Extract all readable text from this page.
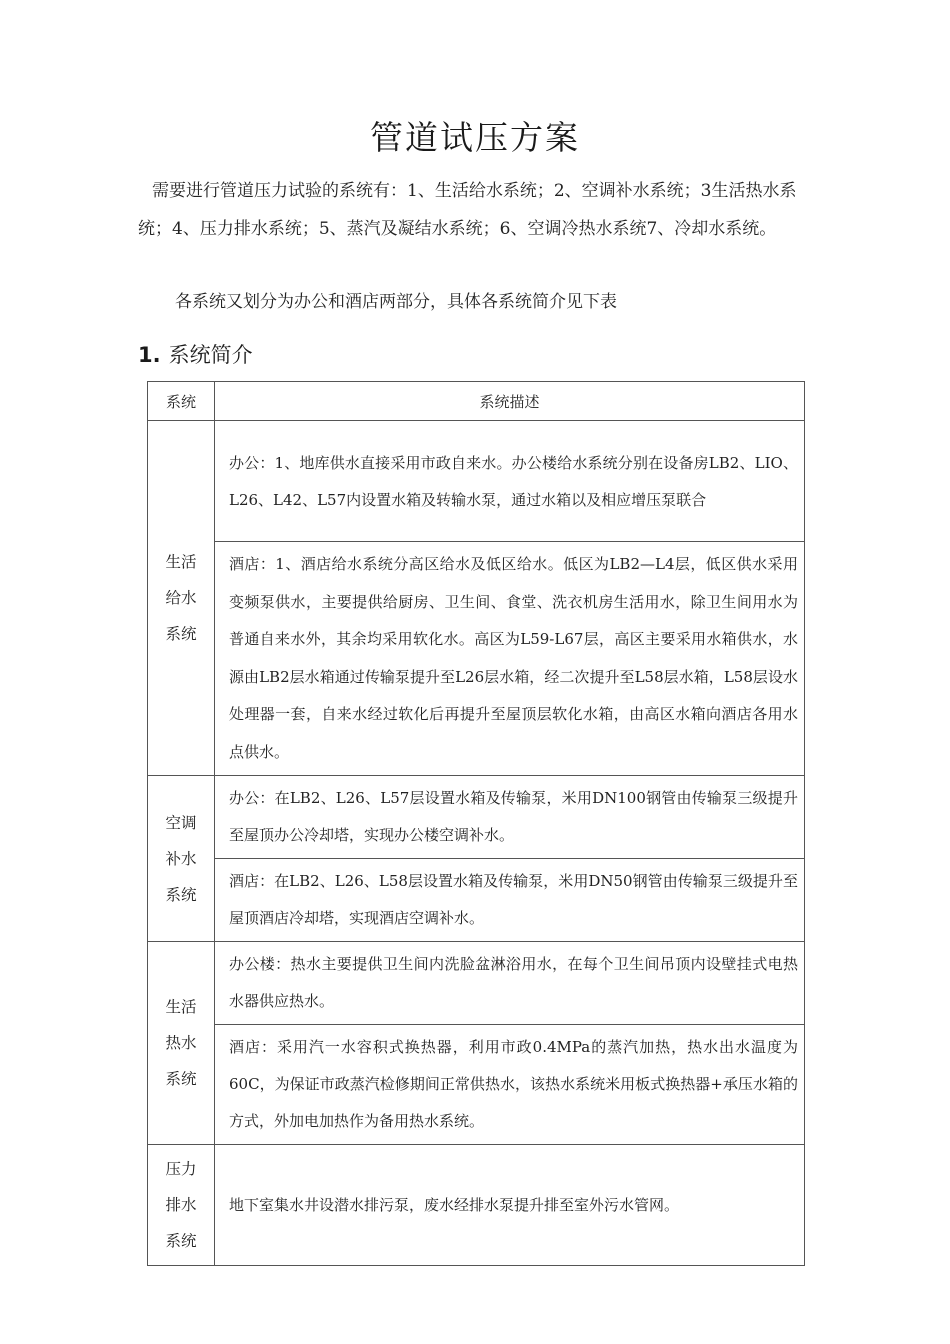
管道试压方案
需要进行管道压力试验的系统有：1、生活给水系统；2、空调补水系统；3生活热水系统；4、压力排水系统；5、蒸汽及凝结水系统；6、空调冷热水系统7、冷却水系统。
各系统又划分为办公和酒店两部分，具体各系统简介见下表
1. 系统简介
系统	系统描述

生活
给水
系统	办公：1、地库供水直接采用市政自来水。办公楼给水系统分别在设备房LB2、LIO、L26、L42、L57内设置水箱及转输水泵，通过水箱以及相应增压泵联合

	酒店：1、酒店给水系统分高区给水及低区给水。低区为LB2—L4层，低区供水采用变频泵供水，主要提供给厨房、卫生间、食堂、洗衣机房生活用水，除卫生间用水为普通自来水外，其余均采用软化水。高区为L59-L67层，高区主要采用水箱供水，水源由LB2层水箱通过传输泵提升至L26层水箱，经二次提升至L58层水箱，L58层设水处理器一套，自来水经过软化后再提升至屋顶层软化水箱，由高区水箱向酒店各用水点供水。

空调
补水
系统	办公：在LB2、L26、L57层设置水箱及传输泵，米用DN100钢管由传输泵三级提升至屋顶办公冷却塔，实现办公楼空调补水。
	酒店：在LB2、L26、L58层设置水箱及传输泵，米用DN50钢管由传输泵三级提升至屋顶酒店冷却塔，实现酒店空调补水。

生活
热水
系统	办公楼：热水主要提供卫生间内洗脸盆淋浴用水，在每个卫生间吊顶内设壁挂式电热水器供应热水。
	酒店：采用汽一水容积式换热器，利用市政0.4MPa的蒸汽加热，热水出水温度为60C，为保证市政蒸汽检修期间正常供热水，该热水系统米用板式换热器+承压水箱的方式，外加电加热作为备用热水系统。

压力
排水
系统	地下室集水井设潜水排污泵，废水经排水泵提升排至室外污水管网。
